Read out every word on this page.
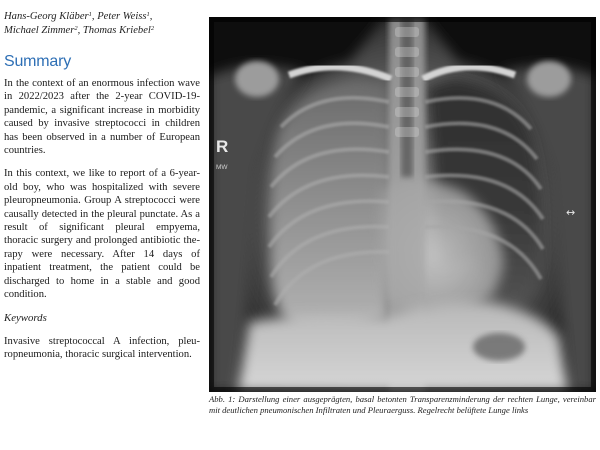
Hans-Georg Kläber$^1$, Peter Weiss$^1$,
Michael Zimmer$^2$, Thomas Kriebel$^2$

Summary

In the context of an enormous infection wave in 2022/2023 after the 2-year COVID-19-pandemic, a significant increase in morbidity caused by invasive streptococci in children has been observed in a number of European countries.

In this context, we like to report of a 6-year-old boy, who was hospitalized with severe pleuropneumonia. Group A streptococci were causally detected in the pleural punctate. As a result of significant pleural empyema, thoracic surgery and prolonged antibiotic therapy were necessary. After 14 days of inpatient treatment, the patient could be discharged to home in a stable and good condition.

Keywords

Invasive streptococcal A infection, pleuropneumonia, thoracic surgical intervention.

R
MW
↔

Abb. 1: Darstellung einer ausgeprägten, basal betonten Transparenzminderung der rechten Lunge, vereinbar mit deutlichen pneumonischen Infiltraten und Pleuraerguss. Regelrecht belüftete Lunge links
